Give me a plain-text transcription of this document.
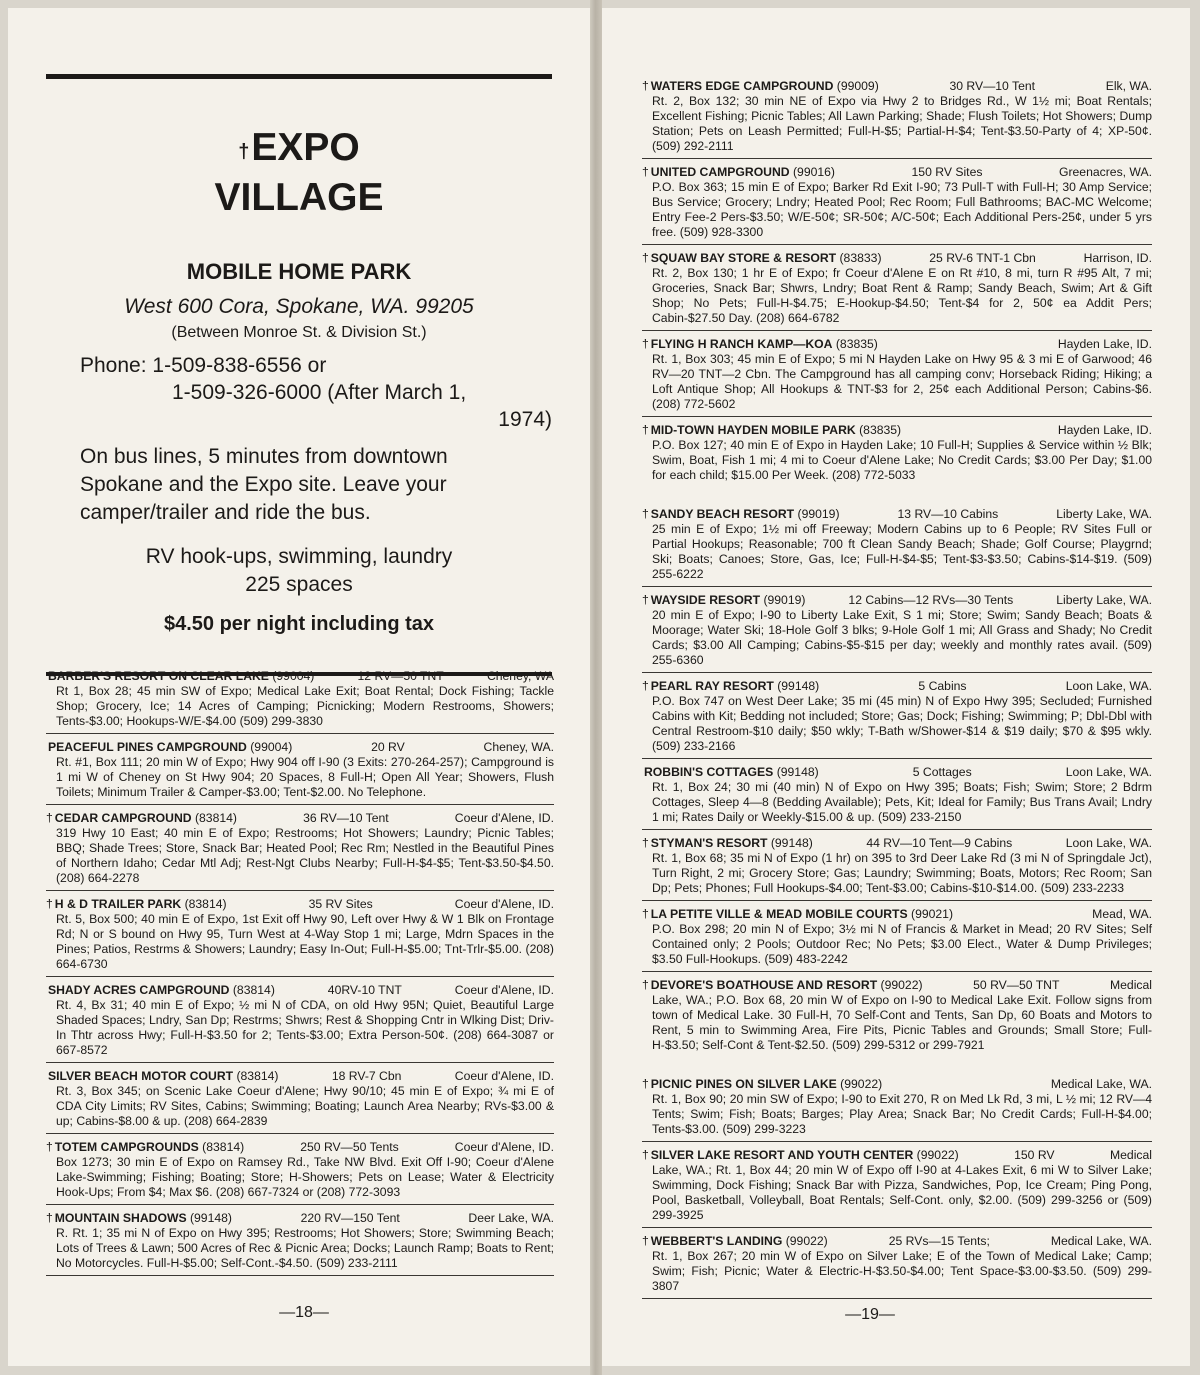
†EXPO
VILLAGE
MOBILE HOME PARK
West 600 Cora, Spokane, WA. 99205
(Between Monroe St. & Division St.)
Phone: 1-509-838-6556 or
1-509-326-6000 (After March 1,
1974)
On bus lines, 5 minutes from downtown
Spokane and the Expo site. Leave your
camper/trailer and ride the bus.
RV hook-ups, swimming, laundry
225 spaces
$4.50 per night including tax
BARBER'S RESORT ON CLEAR LAKE (99004)	12 RV—50 TNT	Cheney, WA
Rt 1, Box 28; 45 min SW of Expo; Medical Lake Exit; Boat Rental; Dock Fishing; Tackle Shop; Grocery, Ice; 14 Acres of Camping; Picnicking; Modern Restrooms, Showers; Tents-$3.00; Hookups-W/E-$4.00 (509) 299-3830
PEACEFUL PINES CAMPGROUND (99004)	20 RV	Cheney, WA.
Rt. #1, Box 111; 20 min W of Expo; Hwy 904 off I-90 (3 Exits: 270-264-257); Campground is 1 mi W of Cheney on St Hwy 904; 20 Spaces, 8 Full-H; Open All Year; Showers, Flush Toilets; Minimum Trailer & Camper-$3.00; Tent-$2.00. No Telephone.
† CEDAR CAMPGROUND (83814)	36 RV—10 Tent	Coeur d'Alene, ID.
319 Hwy 10 East; 40 min E of Expo; Restrooms; Hot Showers; Laundry; Picnic Tables; BBQ; Shade Trees; Store, Snack Bar; Heated Pool; Rec Rm; Nestled in the Beautiful Pines of Northern Idaho; Cedar Mtl Adj; Rest-Ngt Clubs Nearby; Full-H-$4-$5; Tent-$3.50-$4.50. (208) 664-2278
† H & D TRAILER PARK (83814)	35 RV Sites	Coeur d'Alene, ID.
Rt. 5, Box 500; 40 min E of Expo, 1st Exit off Hwy 90, Left over Hwy & W 1 Blk on Frontage Rd; N or S bound on Hwy 95, Turn West at 4-Way Stop 1 mi; Large, Mdrn Spaces in the Pines; Patios, Restrms & Showers; Laundry; Easy In-Out; Full-H-$5.00; Tnt-Trlr-$5.00. (208) 664-6730
SHADY ACRES CAMPGROUND (83814)	40RV-10 TNT	Coeur d'Alene, ID.
Rt. 4, Bx 31; 40 min E of Expo; ½ mi N of CDA, on old Hwy 95N; Quiet, Beautiful Large Shaded Spaces; Lndry, San Dp; Restrms; Shwrs; Rest & Shopping Cntr in Wlking Dist; Driv-In Thtr across Hwy; Full-H-$3.50 for 2; Tents-$3.00; Extra Person-50¢. (208) 664-3087 or 667-8572
SILVER BEACH MOTOR COURT (83814)	18 RV-7 Cbn	Coeur d'Alene, ID.
Rt. 3, Box 345; on Scenic Lake Coeur d'Alene; Hwy 90/10; 45 min E of Expo; ¾ mi E of CDA City Limits; RV Sites, Cabins; Swimming; Boating; Launch Area Nearby; RVs-$3.00 & up; Cabins-$8.00 & up. (208) 664-2839
† TOTEM CAMPGROUNDS (83814)	250 RV—50 Tents	Coeur d'Alene, ID.
Box 1273; 30 min E of Expo on Ramsey Rd., Take NW Blvd. Exit Off I-90; Coeur d'Alene Lake-Swimming; Fishing; Boating; Store; H-Showers; Pets on Lease; Water & Electricity Hook-Ups; From $4; Max $6. (208) 667-7324 or (208) 772-3093
† MOUNTAIN SHADOWS (99148)	220 RV—150 Tent	Deer Lake, WA.
R. Rt. 1; 35 mi N of Expo on Hwy 395; Restrooms; Hot Showers; Store; Swimming Beach; Lots of Trees & Lawn; 500 Acres of Rec & Picnic Area; Docks; Launch Ramp; Boats to Rent; No Motorcycles. Full-H-$5.00; Self-Cont.-$4.50. (509) 233-2111
—18—
† WATERS EDGE CAMPGROUND (99009)	30 RV—10 Tent	Elk, WA.
Rt. 2, Box 132; 30 min NE of Expo via Hwy 2 to Bridges Rd., W 1½ mi; Boat Rentals; Excellent Fishing; Picnic Tables; All Lawn Parking; Shade; Flush Toilets; Hot Showers; Dump Station; Pets on Leash Permitted; Full-H-$5; Partial-H-$4; Tent-$3.50-Party of 4; XP-50¢. (509) 292-2111
† UNITED CAMPGROUND (99016)	150 RV Sites	Greenacres, WA.
P.O. Box 363; 15 min E of Expo; Barker Rd Exit I-90; 73 Pull-T with Full-H; 30 Amp Service; Bus Service; Grocery; Lndry; Heated Pool; Rec Room; Full Bathrooms; BAC-MC Welcome; Entry Fee-2 Pers-$3.50; W/E-50¢; SR-50¢; A/C-50¢; Each Additional Pers-25¢, under 5 yrs free. (509) 928-3300
† SQUAW BAY STORE & RESORT (83833)	25 RV-6 TNT-1 Cbn	Harrison, ID.
Rt. 2, Box 130; 1 hr E of Expo; fr Coeur d'Alene E on Rt #10, 8 mi, turn R #95 Alt, 7 mi; Groceries, Snack Bar; Shwrs, Lndry; Boat Rent & Ramp; Sandy Beach, Swim; Art & Gift Shop; No Pets; Full-H-$4.75; E-Hookup-$4.50; Tent-$4 for 2, 50¢ ea Addit Pers; Cabin-$27.50 Day. (208) 664-6782
† FLYING H RANCH KAMP—KOA (83835)	Hayden Lake, ID.
Rt. 1, Box 303; 45 min E of Expo; 5 mi N Hayden Lake on Hwy 95 & 3 mi E of Garwood; 46 RV—20 TNT—2 Cbn. The Campground has all camping conv; Horseback Riding; Hiking; a Loft Antique Shop; All Hookups & TNT-$3 for 2, 25¢ each Additional Person; Cabins-$6. (208) 772-5602
† MID-TOWN HAYDEN MOBILE PARK (83835)	Hayden Lake, ID.
P.O. Box 127; 40 min E of Expo in Hayden Lake; 10 Full-H; Supplies & Service within ½ Blk; Swim, Boat, Fish 1 mi; 4 mi to Coeur d'Alene Lake; No Credit Cards; $3.00 Per Day; $1.00 for each child; $15.00 Per Week. (208) 772-5033
† SANDY BEACH RESORT (99019)	13 RV—10 Cabins	Liberty Lake, WA.
25 min E of Expo; 1½ mi off Freeway; Modern Cabins up to 6 People; RV Sites Full or Partial Hookups; Reasonable; 700 ft Clean Sandy Beach; Shade; Golf Course; Playgrnd; Ski; Boats; Canoes; Store, Gas, Ice; Full-H-$4-$5; Tent-$3-$3.50; Cabins-$14-$19. (509) 255-6222
† WAYSIDE RESORT (99019)	12 Cabins—12 RVs—30 Tents	Liberty Lake, WA.
20 min E of Expo; I-90 to Liberty Lake Exit, S 1 mi; Store; Swim; Sandy Beach; Boats & Moorage; Water Ski; 18-Hole Golf 3 blks; 9-Hole Golf 1 mi; All Grass and Shady; No Credit Cards; $3.00 All Camping; Cabins-$5-$15 per day; weekly and monthly rates avail. (509) 255-6360
† PEARL RAY RESORT (99148)	5 Cabins	Loon Lake, WA.
P.O. Box 747 on West Deer Lake; 35 mi (45 min) N of Expo Hwy 395; Secluded; Furnished Cabins with Kit; Bedding not included; Store; Gas; Dock; Fishing; Swimming; P; Dbl-Dbl with Central Restroom-$10 daily; $50 wkly; T-Bath w/Shower-$14 & $19 daily; $70 & $95 wkly. (509) 233-2166
ROBBIN'S COTTAGES (99148)	5 Cottages	Loon Lake, WA.
Rt. 1, Box 24; 30 mi (40 min) N of Expo on Hwy 395; Boats; Fish; Swim; Store; 2 Bdrm Cottages, Sleep 4—8 (Bedding Available); Pets, Kit; Ideal for Family; Bus Trans Avail; Lndry 1 mi; Rates Daily or Weekly-$15.00 & up. (509) 233-2150
† STYMAN'S RESORT (99148)	44 RV—10 Tent—9 Cabins	Loon Lake, WA.
Rt. 1, Box 68; 35 mi N of Expo (1 hr) on 395 to 3rd Deer Lake Rd (3 mi N of Springdale Jct), Turn Right, 2 mi; Grocery Store; Gas; Laundry; Swimming; Boats, Motors; Rec Room; San Dp; Pets; Phones; Full Hookups-$4.00; Tent-$3.00; Cabins-$10-$14.00. (509) 233-2233
† LA PETITE VILLE & MEAD MOBILE COURTS (99021)	Mead, WA.
P.O. Box 298; 20 min N of Expo; 3½ mi N of Francis & Market in Mead; 20 RV Sites; Self Contained only; 2 Pools; Outdoor Rec; No Pets; $3.00 Elect., Water & Dump Privileges; $3.50 Full-Hookups. (509) 483-2242
† DEVORE'S BOATHOUSE AND RESORT (99022)	50 RV—50 TNT	Medical
Lake, WA.; P.O. Box 68, 20 min W of Expo on I-90 to Medical Lake Exit. Follow signs from town of Medical Lake. 30 Full-H, 70 Self-Cont and Tents, San Dp, 60 Boats and Motors to Rent, 5 min to Swimming Area, Fire Pits, Picnic Tables and Grounds; Small Store; Full-H-$3.50; Self-Cont & Tent-$2.50. (509) 299-5312 or 299-7921
† PICNIC PINES ON SILVER LAKE (99022)	Medical Lake, WA.
Rt. 1, Box 90; 20 min SW of Expo; I-90 to Exit 270, R on Med Lk Rd, 3 mi, L ½ mi; 12 RV—4 Tents; Swim; Fish; Boats; Barges; Play Area; Snack Bar; No Credit Cards; Full-H-$4.00; Tents-$3.00. (509) 299-3223
† SILVER LAKE RESORT AND YOUTH CENTER (99022)	150 RV	Medical
Lake, WA.; Rt. 1, Box 44; 20 min W of Expo off I-90 at 4-Lakes Exit, 6 mi W to Silver Lake; Swimming, Dock Fishing; Snack Bar with Pizza, Sandwiches, Pop, Ice Cream; Ping Pong, Pool, Basketball, Volleyball, Boat Rentals; Self-Cont. only, $2.00. (509) 299-3256 or (509) 299-3925
† WEBBERT'S LANDING (99022)	25 RVs—15 Tents;	Medical Lake, WA.
Rt. 1, Box 267; 20 min W of Expo on Silver Lake; E of the Town of Medical Lake; Camp; Swim; Fish; Picnic; Water & Electric-H-$3.50-$4.00; Tent Space-$3.00-$3.50. (509) 299-3807
—19—
